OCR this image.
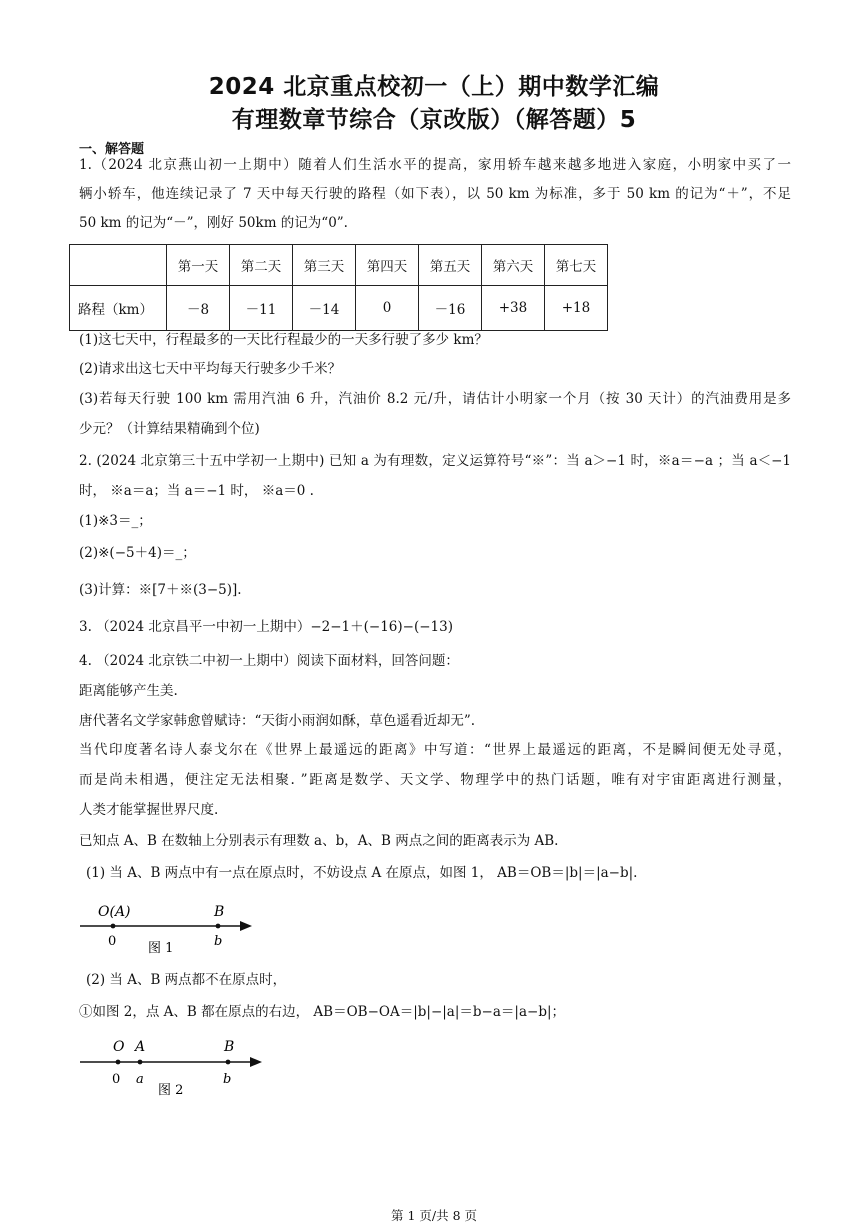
2024 北京重点校初一（上）期中数学汇编
有理数章节综合（京改版）（解答题）5
一、解答题
1.（2024 北京燕山初一上期中）随着人们生活水平的提高，家用轿车越来越多地进入家庭，小明家中买了一
辆小轿车，他连续记录了 7 天中每天行驶的路程（如下表），以 50 km 为标准，多于 50 km 的记为“＋”，不足
50 km 的记为“－”，刚好 50km 的记为“0”.
	第一天	第二天	第三天	第四天	第五天	第六天	第七天
路程（km）	－8	－11	－14	0	－16	+38	+18
(1)这七天中，行程最多的一天比行程最少的一天多行驶了多少 km？
(2)请求出这七天中平均每天行驶多少千米？
(3)若每天行驶 100 km 需用汽油 6 升，汽油价 8.2 元/升，请估计小明家一个月（按 30 天计）的汽油费用是多
少元？（计算结果精确到个位)
2. (2024 北京第三十五中学初一上期中) 已知 a 为有理数，定义运算符号“※”：当 a＞−1 时，※a＝−a ；当 a＜−1
时， ※a＝a；当 a＝−1 时， ※a＝0 .
(1)※3＝_；
(2)※(−5＋4)＝_；
(3)计算：※[7＋※(3−5)].
3. （2024 北京昌平一中初一上期中）−2−1＋(−16)−(−13)
4. （2024 北京铁二中初一上期中）阅读下面材料，回答问题：
距离能够产生美.
唐代著名文学家韩愈曾赋诗：“天街小雨润如酥，草色遥看近却无”.
当代印度著名诗人泰戈尔在《世界上最遥远的距离》中写道：“世界上最遥远的距离，不是瞬间便无处寻觅，
而是尚未相遇，便注定无法相聚. ”距离是数学、天文学、物理学中的热门话题，唯有对宇宙距离进行测量，
人类才能掌握世界尺度.
已知点 A、B 在数轴上分别表示有理数 a、b，A、B 两点之间的距离表示为 AB.
(1) 当 A、B 两点中有一点在原点时，不妨设点 A 在原点，如图 1， AB＝OB＝|b|＝|a−b|.
O(A)	B
0	b
图 1
(2) 当 A、B 两点都不在原点时，
①如图 2，点 A、B 都在原点的右边， AB＝OB−OA＝|b|−|a|＝b−a＝|a−b|；
O A	B
0 a	b
图 2
第 1 页/共 8 页
